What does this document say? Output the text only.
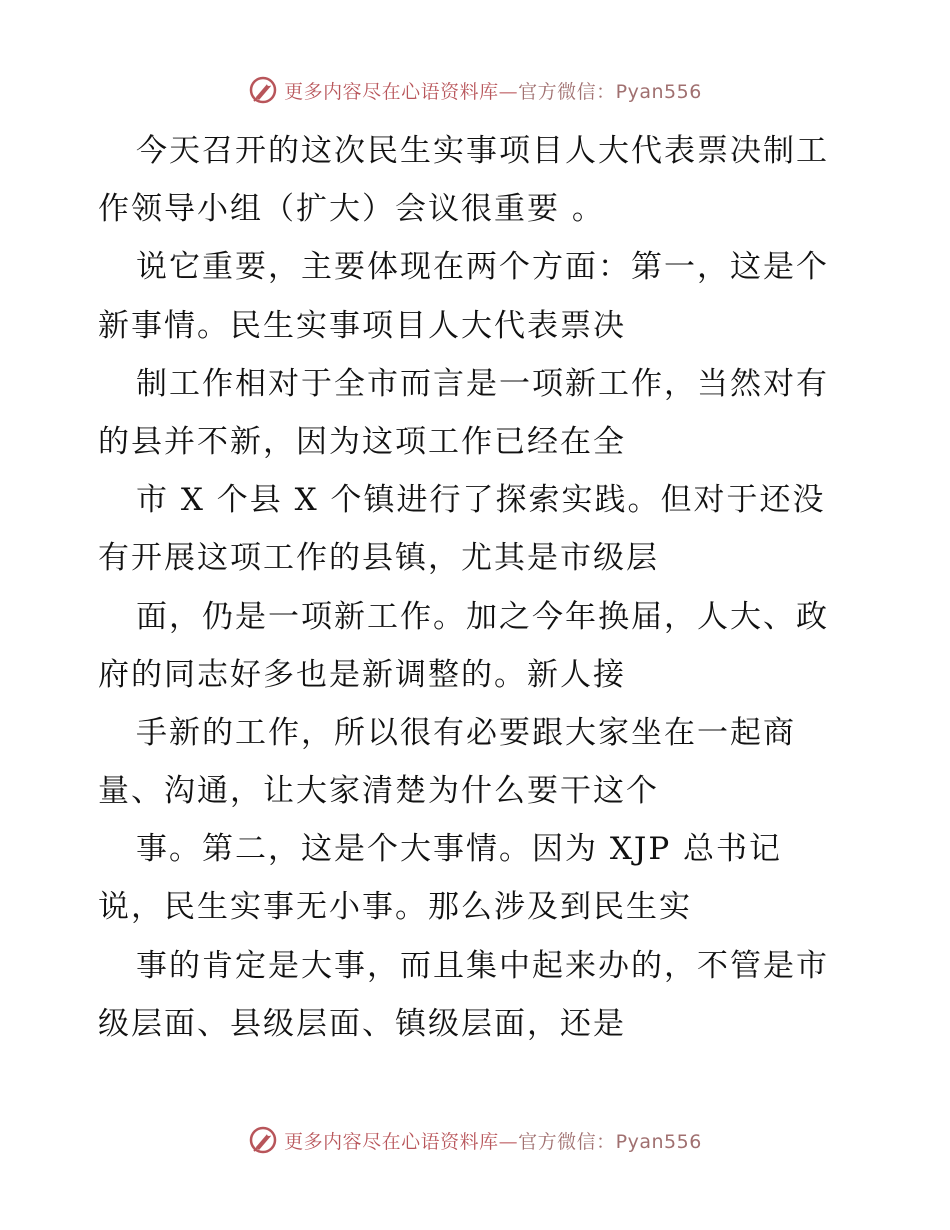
更多内容尽在心语资料库—官方微信：Pyan556
今天召开的这次民生实事项目人大代表票决制工
作领导小组（扩大）会议很重要 。
说它重要，主要体现在两个方面：第一，这是个
新事情。民生实事项目人大代表票决
制工作相对于全市而言是一项新工作，当然对有
的县并不新，因为这项工作已经在全
市 X 个县 X 个镇进行了探索实践。但对于还没
有开展这项工作的县镇，尤其是市级层
面，仍是一项新工作。加之今年换届，人大、政
府的同志好多也是新调整的。新人接
手新的工作，所以很有必要跟大家坐在一起商
量、沟通，让大家清楚为什么要干这个
事。第二，这是个大事情。因为 XJP 总书记
说，民生实事无小事。那么涉及到民生实
事的肯定是大事，而且集中起来办的，不管是市
级层面、县级层面、镇级层面，还是
更多内容尽在心语资料库—官方微信：Pyan556
